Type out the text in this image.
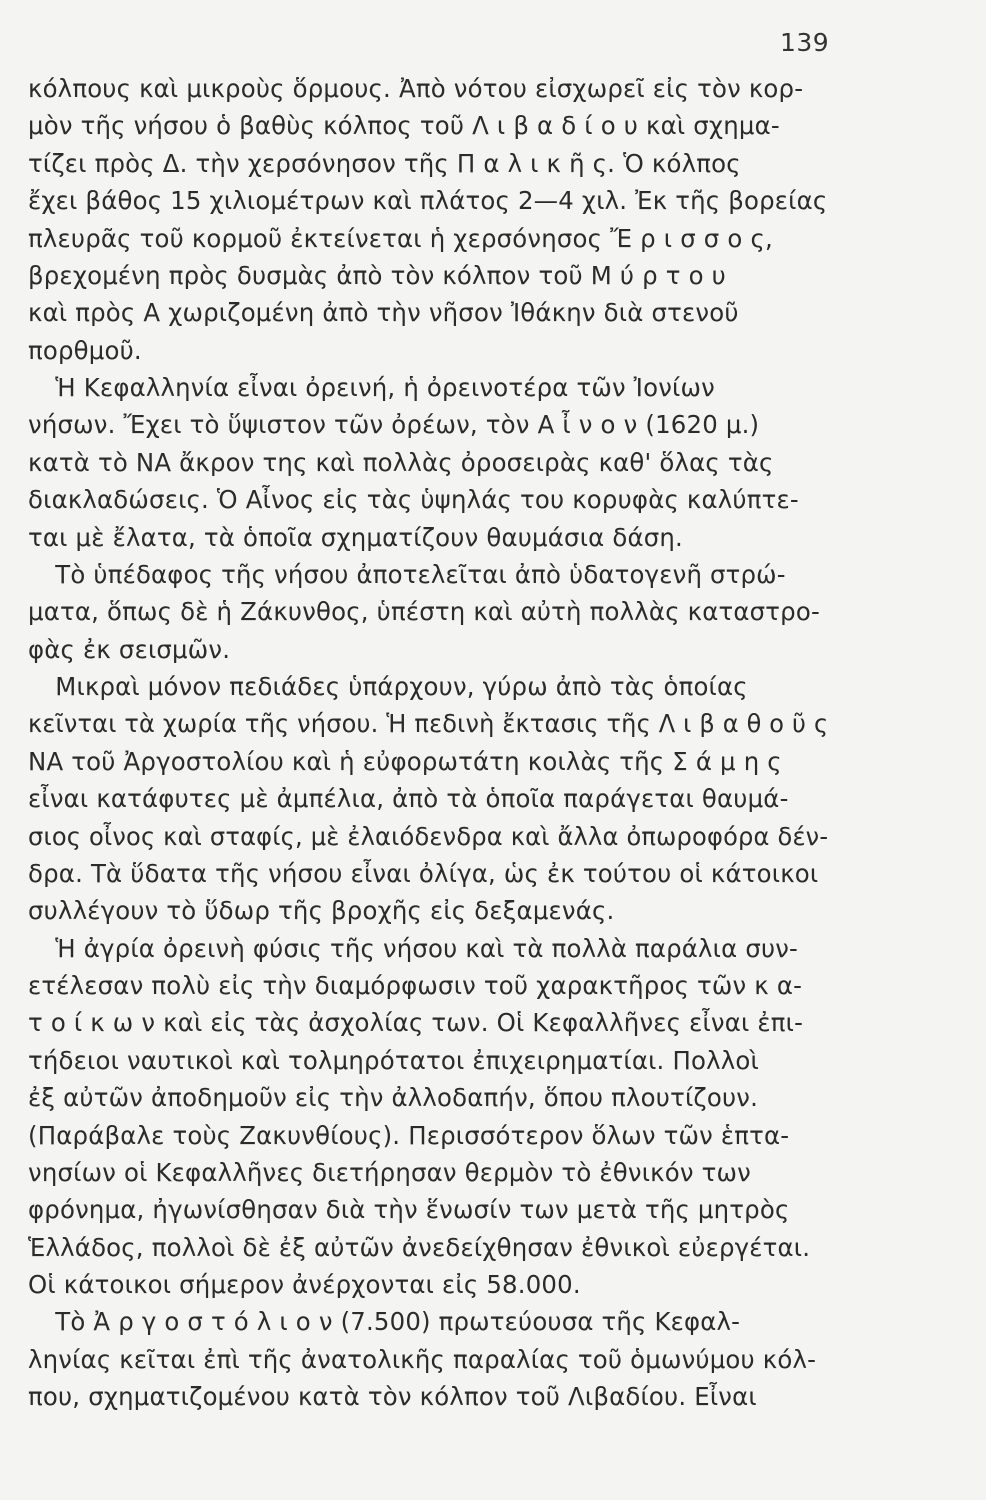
139
κόλπους καὶ μικροὺς ὅρμους. Ἀπὸ νότου εἰσχωρεῖ εἰς τὸν κορ-
μὸν τῆς νήσου ὁ βαθὺς κόλπος τοῦ Λ ι β α δ ί ο υ καὶ σχημα-
τίζει πρὸς Δ. τὴν χερσόνησον τῆς Π α λ ι κ ῆ ς. Ὁ κόλπος
ἔχει βάθος 15 χιλιομέτρων καὶ πλάτος 2—4 χιλ. Ἐκ τῆς βορείας
πλευρᾶς τοῦ κορμοῦ ἐκτείνεται ἡ χερσόνησος Ἔ ρ ι σ σ ο ς,
βρεχομένη πρὸς δυσμὰς ἀπὸ τὸν κόλπον τοῦ Μ ύ ρ τ ο υ
καὶ πρὸς Α χωριζομένη ἀπὸ τὴν νῆσον Ἰθάκην διὰ στενοῦ
πορθμοῦ.
Ἡ Κεφαλληνία εἶναι ὀρεινή, ἡ ὀρεινοτέρα τῶν Ἰονίων
νήσων. Ἔχει τὸ ὕψιστον τῶν ὀρέων, τὸν Α ἶ ν ο ν (1620 μ.)
κατὰ τὸ ΝΑ ἄκρον της καὶ πολλὰς ὀροσειρὰς καθ' ὅλας τὰς
διακλαδώσεις. Ὁ Αἶνος εἰς τὰς ὑψηλάς του κορυφὰς καλύπτε-
ται μὲ ἔλατα, τὰ ὁποῖα σχηματίζουν θαυμάσια δάση.
Τὸ ὑπέδαφος τῆς νήσου ἀποτελεῖται ἀπὸ ὑδατογενῆ στρώ-
ματα, ὅπως δὲ ἡ Ζάκυνθος, ὑπέστη καὶ αὐτὴ πολλὰς καταστρο-
φὰς ἐκ σεισμῶν.
Μικραὶ μόνον πεδιάδες ὑπάρχουν, γύρω ἀπὸ τὰς ὁποίας
κεῖνται τὰ χωρία τῆς νήσου. Ἡ πεδινὴ ἔκτασις τῆς Λ ι β α θ ο ῦ ς
ΝΑ τοῦ Ἀργοστολίου καὶ ἡ εὐφορωτάτη κοιλὰς τῆς Σ ά μ η ς
εἶναι κατάφυτες μὲ ἀμπέλια, ἀπὸ τὰ ὁποῖα παράγεται θαυμά-
σιος οἶνος καὶ σταφίς, μὲ ἐλαιόδενδρα καὶ ἄλλα ὀπωροφόρα δέν-
δρα. Τὰ ὕδατα τῆς νήσου εἶναι ὀλίγα, ὡς ἐκ τούτου οἱ κάτοικοι
συλλέγουν τὸ ὕδωρ τῆς βροχῆς εἰς δεξαμενάς.
Ἡ ἀγρία ὀρεινὴ φύσις τῆς νήσου καὶ τὰ πολλὰ παράλια συν-
ετέλεσαν πολὺ εἰς τὴν διαμόρφωσιν τοῦ χαρακτῆρος τῶν κ α-
τ ο ί κ ω ν καὶ εἰς τὰς ἀσχολίας των. Οἱ Κεφαλλῆνες εἶναι ἐπι-
τήδειοι ναυτικοὶ καὶ τολμηρότατοι ἐπιχειρηματίαι. Πολλοὶ
ἐξ αὐτῶν ἀποδημοῦν εἰς τὴν ἀλλοδαπήν, ὅπου πλουτίζουν.
(Παράβαλε τοὺς Ζακυνθίους). Περισσότερον ὅλων τῶν ἑπτα-
νησίων οἱ Κεφαλλῆνες διετήρησαν θερμὸν τὸ ἐθνικόν των
φρόνημα, ἠγωνίσθησαν διὰ τὴν ἕνωσίν των μετὰ τῆς μητρὸς
Ἑλλάδος, πολλοὶ δὲ ἐξ αὐτῶν ἀνεδείχθησαν ἐθνικοὶ εὐεργέται.
Οἱ κάτοικοι σήμερον ἀνέρχονται εἰς 58.000.
Τὸ Ἀ ρ γ ο σ τ ό λ ι ο ν (7.500) πρωτεύουσα τῆς Κεφαλ-
ληνίας κεῖται ἐπὶ τῆς ἀνατολικῆς παραλίας τοῦ ὁμωνύμου κόλ-
που, σχηματιζομένου κατὰ τὸν κόλπον τοῦ Λιβαδίου. Εἶναι
